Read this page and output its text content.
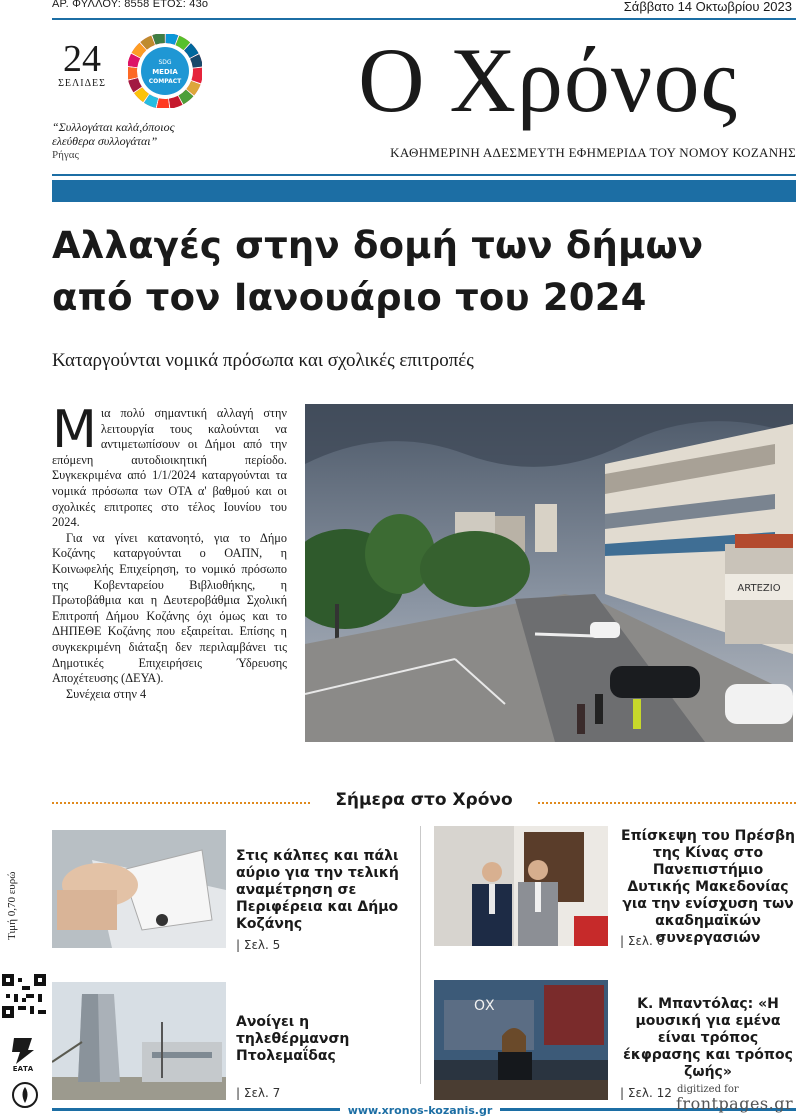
ΑΡ. ΦΥΛΛΟΥ: 8558 ΕΤΟΣ: 43ο	Σάββατο 14 Οκτωβρίου 2023
24
ΣΕΛΙΔΕΣ
SDG
MEDIA
COMPACT
“Συλλογάται καλά,όποιος ελεύθερα συλλογάται”
Ρήγας
Ο Χρόνος
ΚΑΘΗΜΕΡΙΝΗ ΑΔΕΣΜΕΥΤΗ ΕΦΗΜΕΡΙΔΑ ΤΟΥ ΝΟΜΟΥ ΚΟΖΑΝΗΣ
Αλλαγές στην δομή των δήμων
από τον Ιανουάριο του 2024
Καταργούνται νομικά πρόσωπα και σχολικές επιτροπές

Μια πολύ σημαντική αλλαγή στην λειτουργία τους καλούνται να αντιμετωπίσουν οι Δήμοι από την επόμενη αυτοδιοικητική περίοδο. Συγκεκριμένα από 1/1/2024 καταργούνται τα νομικά πρόσωπα των ΟΤΑ α' βαθμού και οι σχολικές επιτροπες στο τέλος Ιουνίου του 2024.

Για να γίνει κατανοητό, για το Δήμο Κοζάνης καταργούνται ο ΟΑΠΝ, η Κοινωφελής Επιχείρηση, το νομικό πρόσωπο της Κοβενταρείου Βιβλιοθήκης, η Πρωτοβάθμια και η Δευτεροβάθμια Σχολική Επιτροπή Δήμου Κοζάνης όχι όμως και το ΔΗΠΕΘΕ Κοζάνης που εξαιρείται. Επίσης η συγκεκριμένη διάταξη δεν περιλαμβάνει τις Δημοτικές Επιχειρήσεις Ύδρευσης Αποχέτευσης (ΔΕΥΑ).

Συνέχεια στην 4

ARTEZIO
Σήμερα στο Χρόνο
Στις κάλπες και πάλι αύριο για την τελική αναμέτρηση σε Περιφέρεια και Δήμο Κοζάνης
| Σελ. 5
Επίσκεψη του Πρέσβη της Κίνας στο Πανεπιστήμιο Δυτικής Μακεδονίας για την ενίσχυση των ακαδημαϊκών συνεργασιών
| Σελ. 6
Τιμή 0,70 ευρώ
ΕΑΤΑ
Ανοίγει η τηλεθέρμανση Πτολεμαΐδας
| Σελ. 7
ΟΧ	Κ. Μπαντόλας: «Η μουσική για εμένα είναι τρόπος έκφρασης και τρόπος ζωής»
| Σελ. 12
www.xronos-kozanis.gr
digitized for
frontpages.gr
